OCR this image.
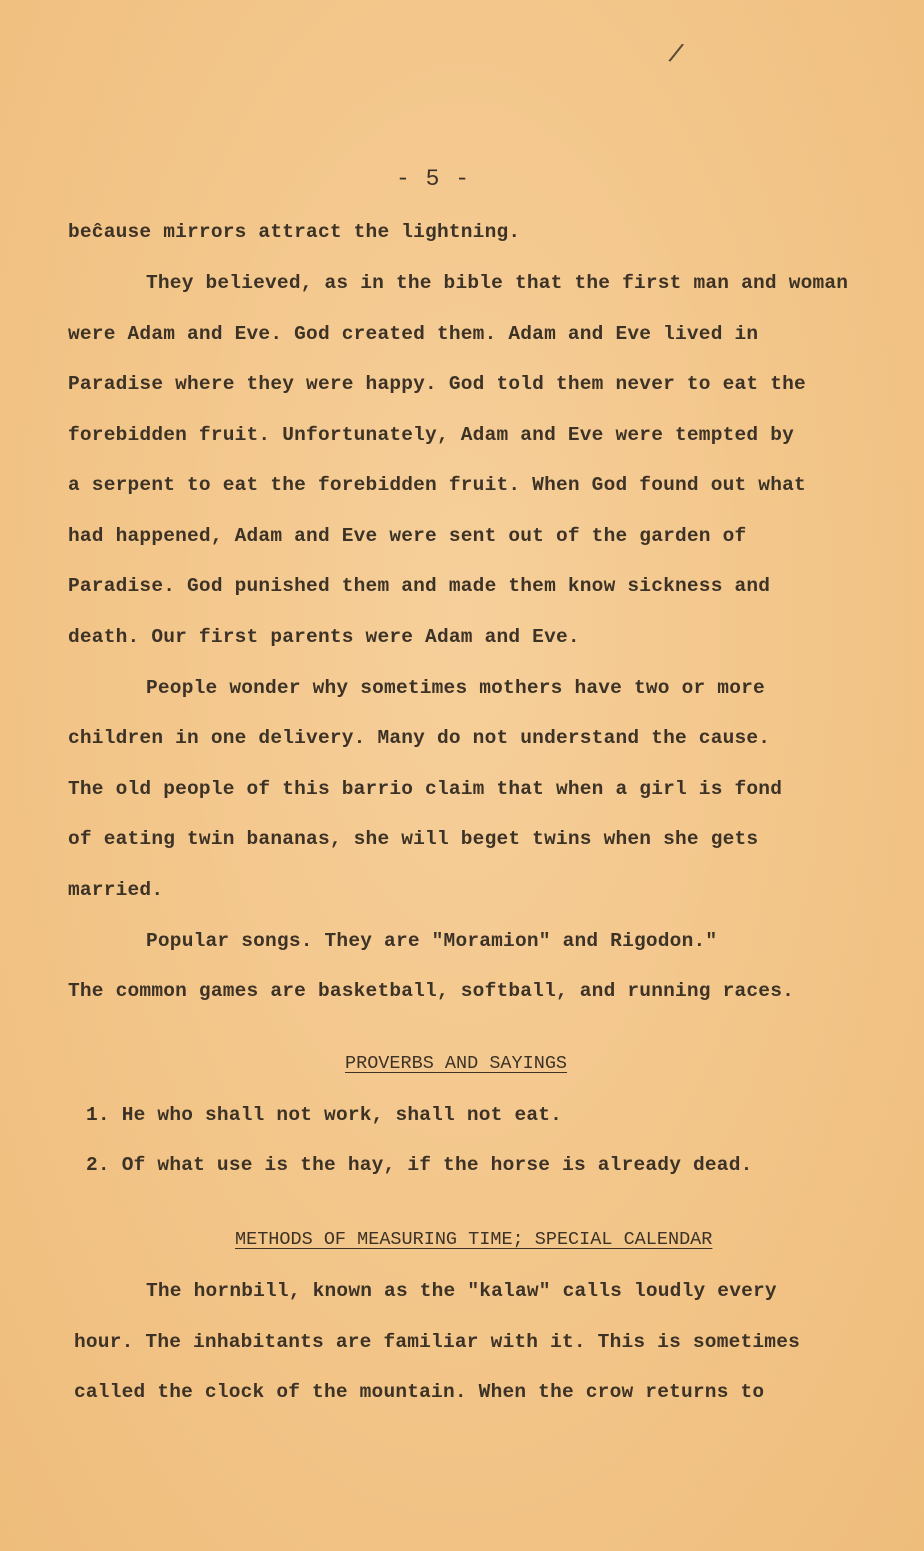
/
- 5 -
beĉause mirrors attract the lightning.
They believed, as in the bible that the first man and woman
were Adam and Eve. God created them. Adam and Eve lived in
Paradise where they were happy. God told them never to eat the
forebidden fruit. Unfortunately, Adam and Eve were tempted by
a serpent to eat the forebidden fruit. When God found out what
had happened, Adam and Eve were sent out of the garden of
Paradise. God punished them and made them know sickness and
death. Our first parents were Adam and Eve.
People wonder why sometimes mothers have two or more
children in one delivery. Many do not understand the cause.
The old people of this barrio claim that when a girl is fond
of eating twin bananas, she will beget twins when she gets
married.
Popular songs. They are "Moramion" and Rigodon."
The common games are basketball, softball, and running races.
PROVERBS AND SAYINGS
1. He who shall not work, shall not eat.
2. Of what use is the hay, if the horse is already dead.
METHODS OF MEASURING TIME; SPECIAL CALENDAR
The hornbill, known as the "kalaw" calls loudly every
hour. The inhabitants are familiar with it. This is sometimes
called the clock of the mountain. When the crow returns to
